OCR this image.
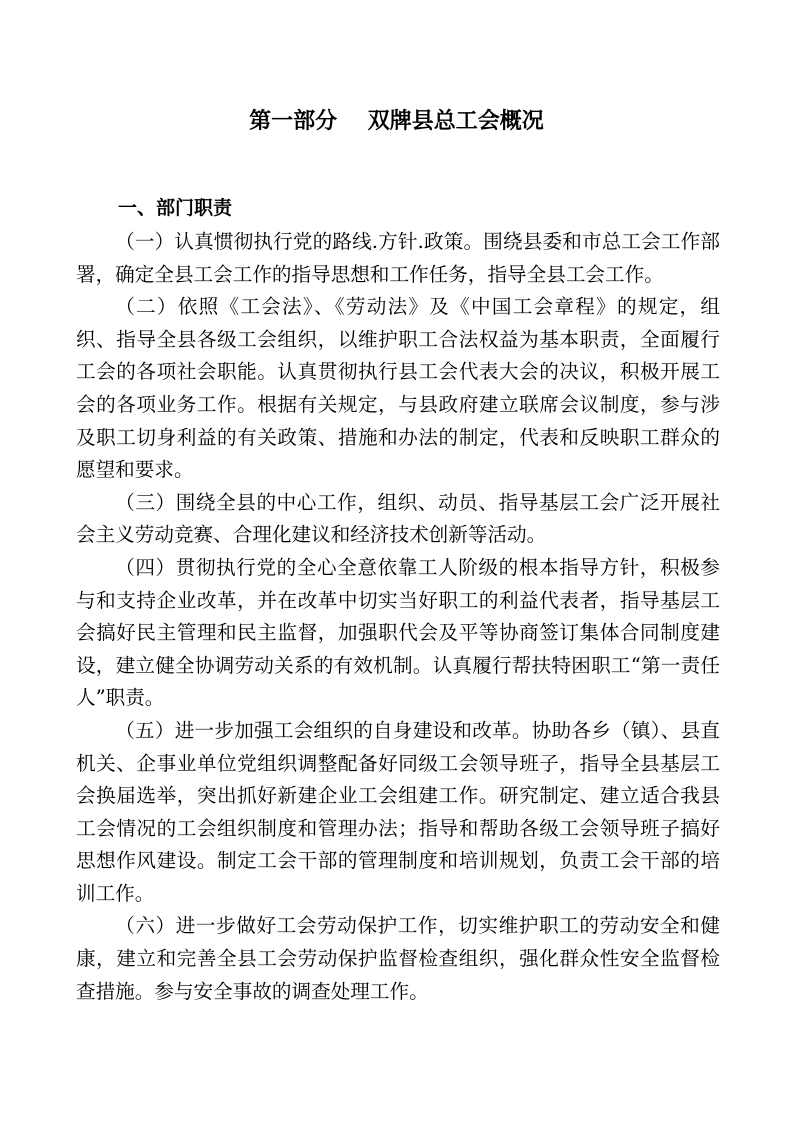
第一部分    双牌县总工会概况
一、部门职责

（一）认真惯彻执行党的路线.方针.政策。围绕县委和市总工会工作部署，确定全县工会工作的指导思想和工作任务，指导全县工会工作。

（二）依照《工会法》、《劳动法》及《中国工会章程》的规定，组织、指导全县各级工会组织，以维护职工合法权益为基本职责，全面履行工会的各项社会职能。认真贯彻执行县工会代表大会的决议，积极开展工会的各项业务工作。根据有关规定，与县政府建立联席会议制度，参与涉及职工切身利益的有关政策、措施和办法的制定，代表和反映职工群众的愿望和要求。

（三）围绕全县的中心工作，组织、动员、指导基层工会广泛开展社会主义劳动竞赛、合理化建议和经济技术创新等活动。

（四）贯彻执行党的全心全意依靠工人阶级的根本指导方针，积极参与和支持企业改革，并在改革中切实当好职工的利益代表者，指导基层工会搞好民主管理和民主监督，加强职代会及平等协商签订集体合同制度建设，建立健全协调劳动关系的有效机制。认真履行帮扶特困职工“第一责任人”职责。

（五）进一步加强工会组织的自身建设和改革。协助各乡（镇）、县直机关、企事业单位党组织调整配备好同级工会领导班子，指导全县基层工会换届选举，突出抓好新建企业工会组建工作。研究制定、建立适合我县工会情况的工会组织制度和管理办法；指导和帮助各级工会领导班子搞好思想作风建设。制定工会干部的管理制度和培训规划，负责工会干部的培训工作。

（六）进一步做好工会劳动保护工作，切实维护职工的劳动安全和健康，建立和完善全县工会劳动保护监督检查组织，强化群众性安全监督检查措施。参与安全事故的调查处理工作。
